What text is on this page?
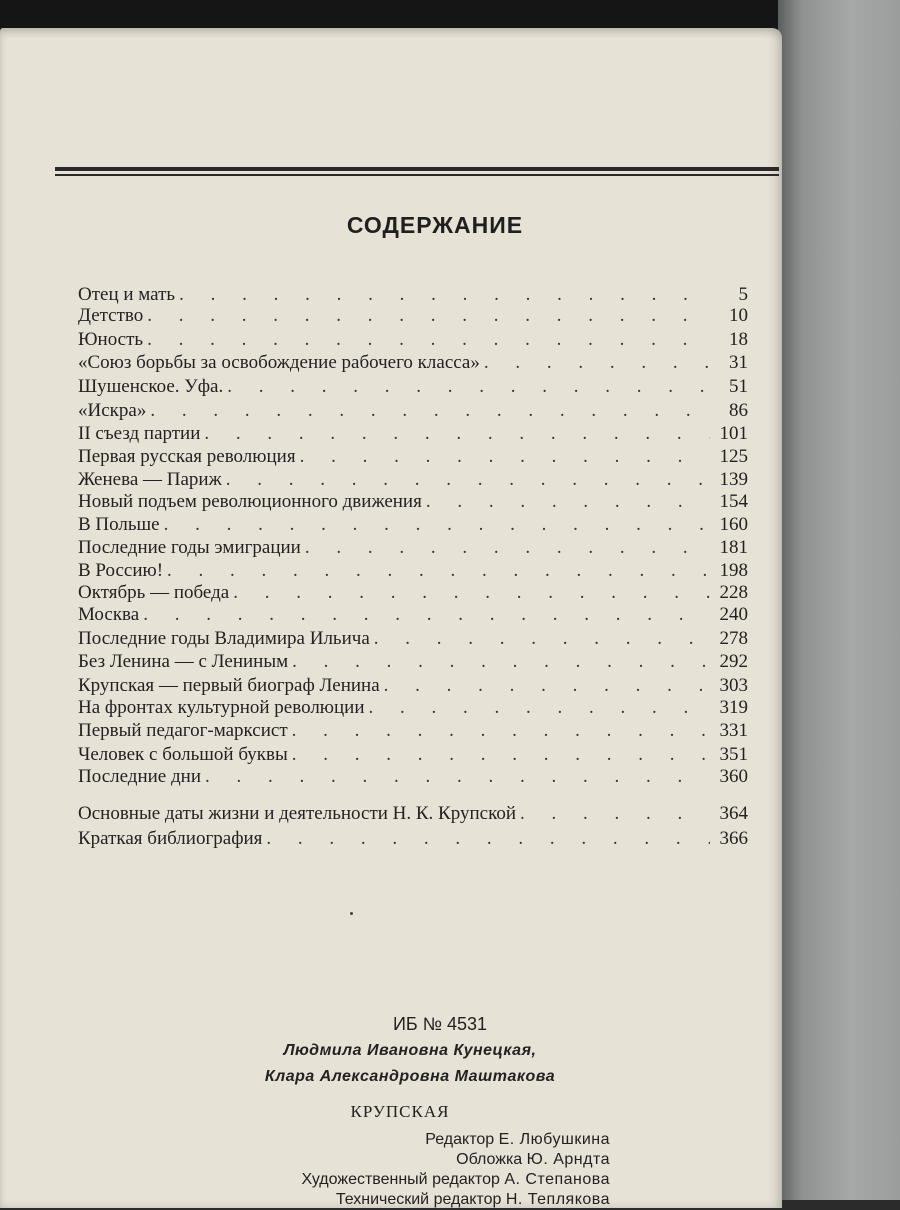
СОДЕРЖАНИЕ
Отец и мать . . .	5
Детство . . .	10
Юность . . .	18
«Союз борьбы за освобождение рабочего класса» . . .	31
Шушенское. Уфа. . . .	51
«Искра» . . .	86
II съезд партии . . .	101
Первая русская революция . . .	125
Женева — Париж . . .	139
Новый подъем революционного движения . . .	154
В Польше . . .	160
Последние годы эмиграции . . .	181
В Россию! . . .	198
Октябрь — победа . . .	228
Москва . . .	240
Последние годы Владимира Ильича . . .	278
Без Ленина — с Лениным . . .	292
Крупская — первый биограф Ленина . . .	303
На фронтах культурной революции . . .	319
Первый педагог-марксист . . .	331
Человек с большой буквы . . .	351
Последние дни . . .	360
Основные даты жизни и деятельности Н. К. Крупской . . .	364
Краткая библиография . . .	366
ИБ № 4531
Людмила Ивановна Кунецкая,
Клара Александровна Маштакова
КРУПСКАЯ
Редактор Е. Любушкина
Обложка Ю. Арндта
Художественный редактор А. Степанова
Технический редактор Н. Теплякова
